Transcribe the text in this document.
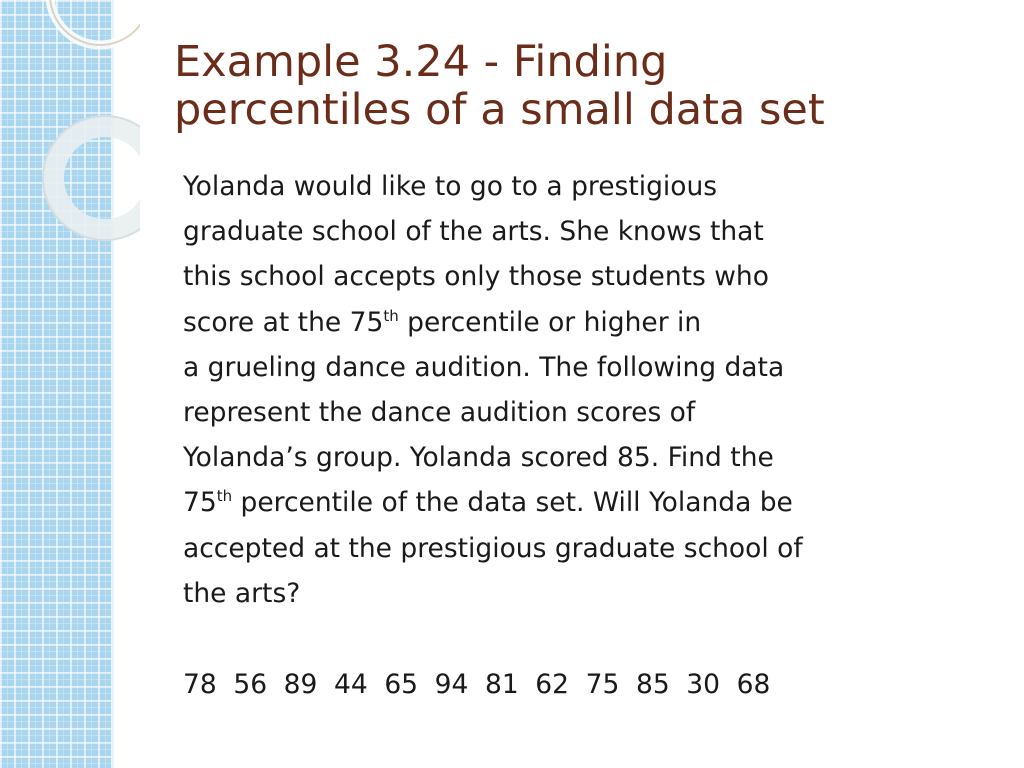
Example 3.24 - Finding
percentiles of a small data set
Yolanda would like to go to a prestigious
graduate school of the arts. She knows that
this school accepts only those students who
score at the 75th percentile or higher in
a grueling dance audition. The following data
represent the dance audition scores of
Yolanda’s group. Yolanda scored 85. Find the
75th percentile of the data set. Will Yolanda be
accepted at the prestigious graduate school of
the arts?
78 56 89 44 65 94 81 62 75 85 30 68
